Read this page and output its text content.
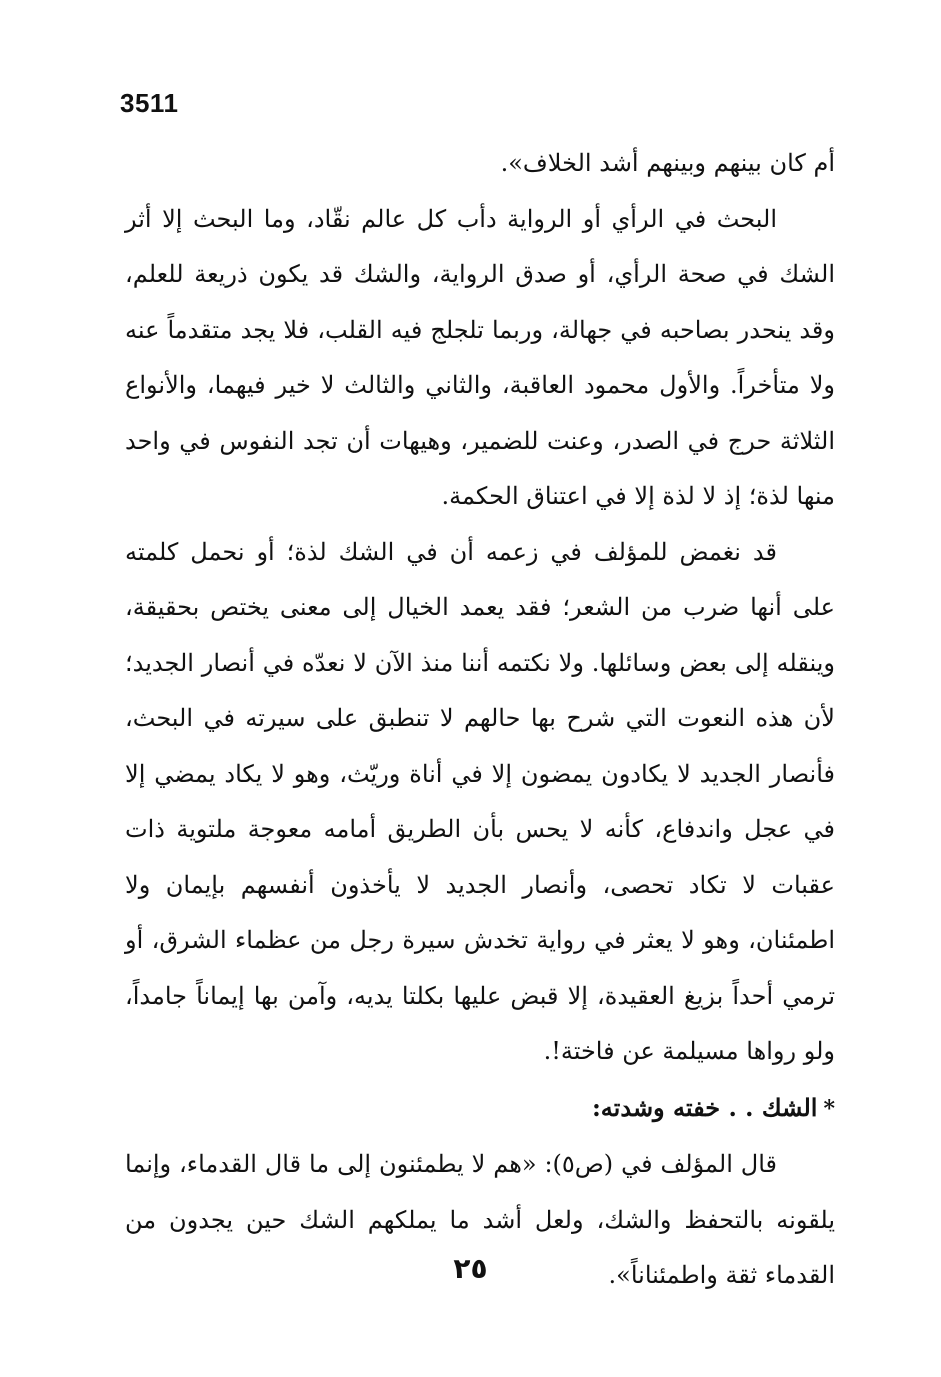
3511

أم كان بينهم وبينهم أشد الخلاف».

البحث في الرأي أو الرواية دأب كل عالم نقّاد، وما البحث إلا أثر الشك في صحة الرأي، أو صدق الرواية، والشك قد يكون ذريعة للعلم، وقد ينحدر بصاحبه في جهالة، وربما تلجلج فيه القلب، فلا يجد متقدماً عنه ولا متأخراً. والأول محمود العاقبة، والثاني والثالث لا خير فيهما، والأنواع الثلاثة حرج في الصدر، وعنت للضمير، وهيهات أن تجد النفوس في واحد منها لذة؛ إذ لا لذة إلا في اعتناق الحكمة.

قد نغمض للمؤلف في زعمه أن في الشك لذة؛ أو نحمل كلمته على أنها ضرب من الشعر؛ فقد يعمد الخيال إلى معنى يختص بحقيقة، وينقله إلى بعض وسائلها. ولا نكتمه أننا منذ الآن لا نعدّه في أنصار الجديد؛ لأن هذه النعوت التي شرح بها حالهم لا تنطبق على سيرته في البحث، فأنصار الجديد لا يكادون يمضون إلا في أناة وريّث، وهو لا يكاد يمضي إلا في عجل واندفاع، كأنه لا يحس بأن الطريق أمامه معوجة ملتوية ذات عقبات لا تكاد تحصى، وأنصار الجديد لا يأخذون أنفسهم بإيمان ولا اطمئنان، وهو لا يعثر في رواية تخدش سيرة رجل من عظماء الشرق، أو ترمي أحداً بزيغ العقيدة، إلا قبض عليها بكلتا يديه، وآمن بها إيماناً جامداً، ولو رواها مسيلمة عن فاختة!.

*الشك . . خفته وشدته:

قال المؤلف في (ص٥): «هم لا يطمئنون إلى ما قال القدماء، وإنما يلقونه بالتحفظ والشك، ولعل أشد ما يملكهم الشك حين يجدون من القدماء ثقة واطمئناناً».

٢٥
